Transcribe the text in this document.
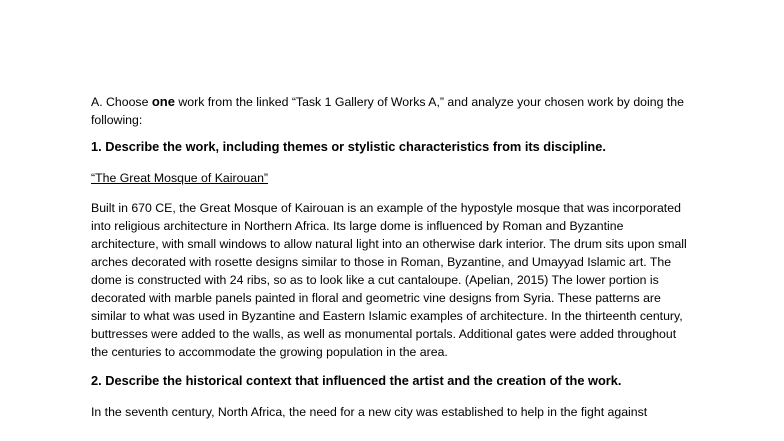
A. Choose one work from the linked “Task 1 Gallery of Works A,” and analyze your chosen work by doing the following:

1. Describe the work, including themes or stylistic characteristics from its discipline.

“The Great Mosque of Kairouan”

Built in 670 CE, the Great Mosque of Kairouan is an example of the hypostyle mosque that was incorporated into religious architecture in Northern Africa. Its large dome is influenced by Roman and Byzantine architecture, with small windows to allow natural light into an otherwise dark interior. The drum sits upon small arches decorated with rosette designs similar to those in Roman, Byzantine, and Umayyad Islamic art. The dome is constructed with 24 ribs, so as to look like a cut cantaloupe. (Apelian, 2015) The lower portion is decorated with marble panels painted in floral and geometric vine designs from Syria. These patterns are similar to what was used in Byzantine and Eastern Islamic examples of architecture. In the thirteenth century, buttresses were added to the walls, as well as monumental portals. Additional gates were added throughout the centuries to accommodate the growing population in the area.

2. Describe the historical context that influenced the artist and the creation of the work.

In the seventh century, North Africa, the need for a new city was established to help in the fight against
